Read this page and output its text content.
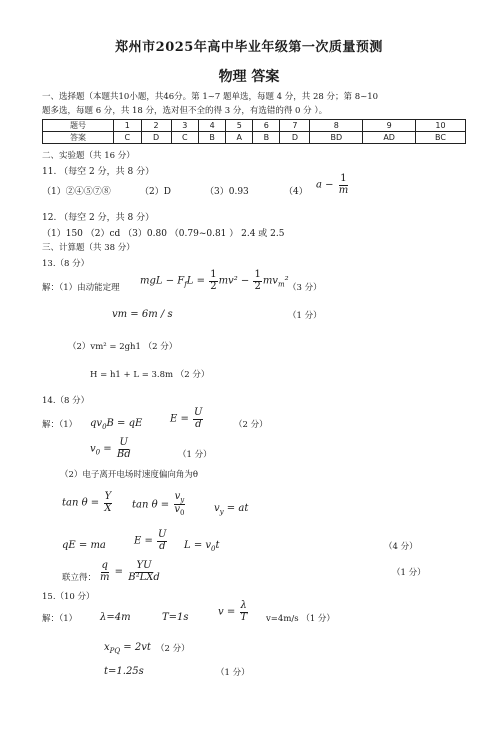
郑州市2025年高中毕业年级第一次质量预测
物理 答案
一、选择题（本题共10小题，共46分。第 1~7 题单选，每题 4 分，共 28 分；第 8~10
题多选，每题 6 分，共 18 分，选对但不全的得 3 分，有选错的得 0 分 ）。
题号	1	2	3	4	5	6	7	8	9	10
答案	C	D	C	B	A	B	D	BD	AD	BC
二、实验题（共 16 分）
11. （每空 2 分，共 8 分）
（1）②④⑤⑦⑧	（2）D	（3）0.93	（4）
$a - \frac{1}{m}$
12. （每空 2 分，共 8 分）
（1）150 （2）cd （3）0.80 （0.79~0.81 ） 2.4 或 2.5
三、计算题（共 38 分）
13.（8 分）
解：（1）由动能定理
mgL − $F_fL = \frac{1}{2} mv^2 - \frac{1}{2} mv_m^2$
（3 分）
vm = 6m / s	（1 分）
（2）vm² = 2gh1 （2 分）
H = h1 + L = 3.8m （2 分）
14.（8 分）
解：（1） $qv_0B$ = qE	$E = \frac{U}{d}$	（2 分）
$v_0 = \frac{U}{Bd}$	（1 分）
（2）电子离开电场时速度偏向角为θ
$\tan \theta = \frac{Y}{X}$ $\tan \theta = \frac{v_y}{v_0}$	$v_y$ = at
qE = ma	$E = \frac{U}{d}$ $L = v_0t$	（4 分）
联立得： $\frac{q}{m} = \frac{YU}{\text{B²LXd}}$	（1 分）
15.（10 分）
解：（1） λ=4m	T=1s	$v = \frac{\lambda}{T} v=4m/s$ （1 分）
$x_{PQ} = 2vt$ （2 分）
t=1.25s	（1 分）
